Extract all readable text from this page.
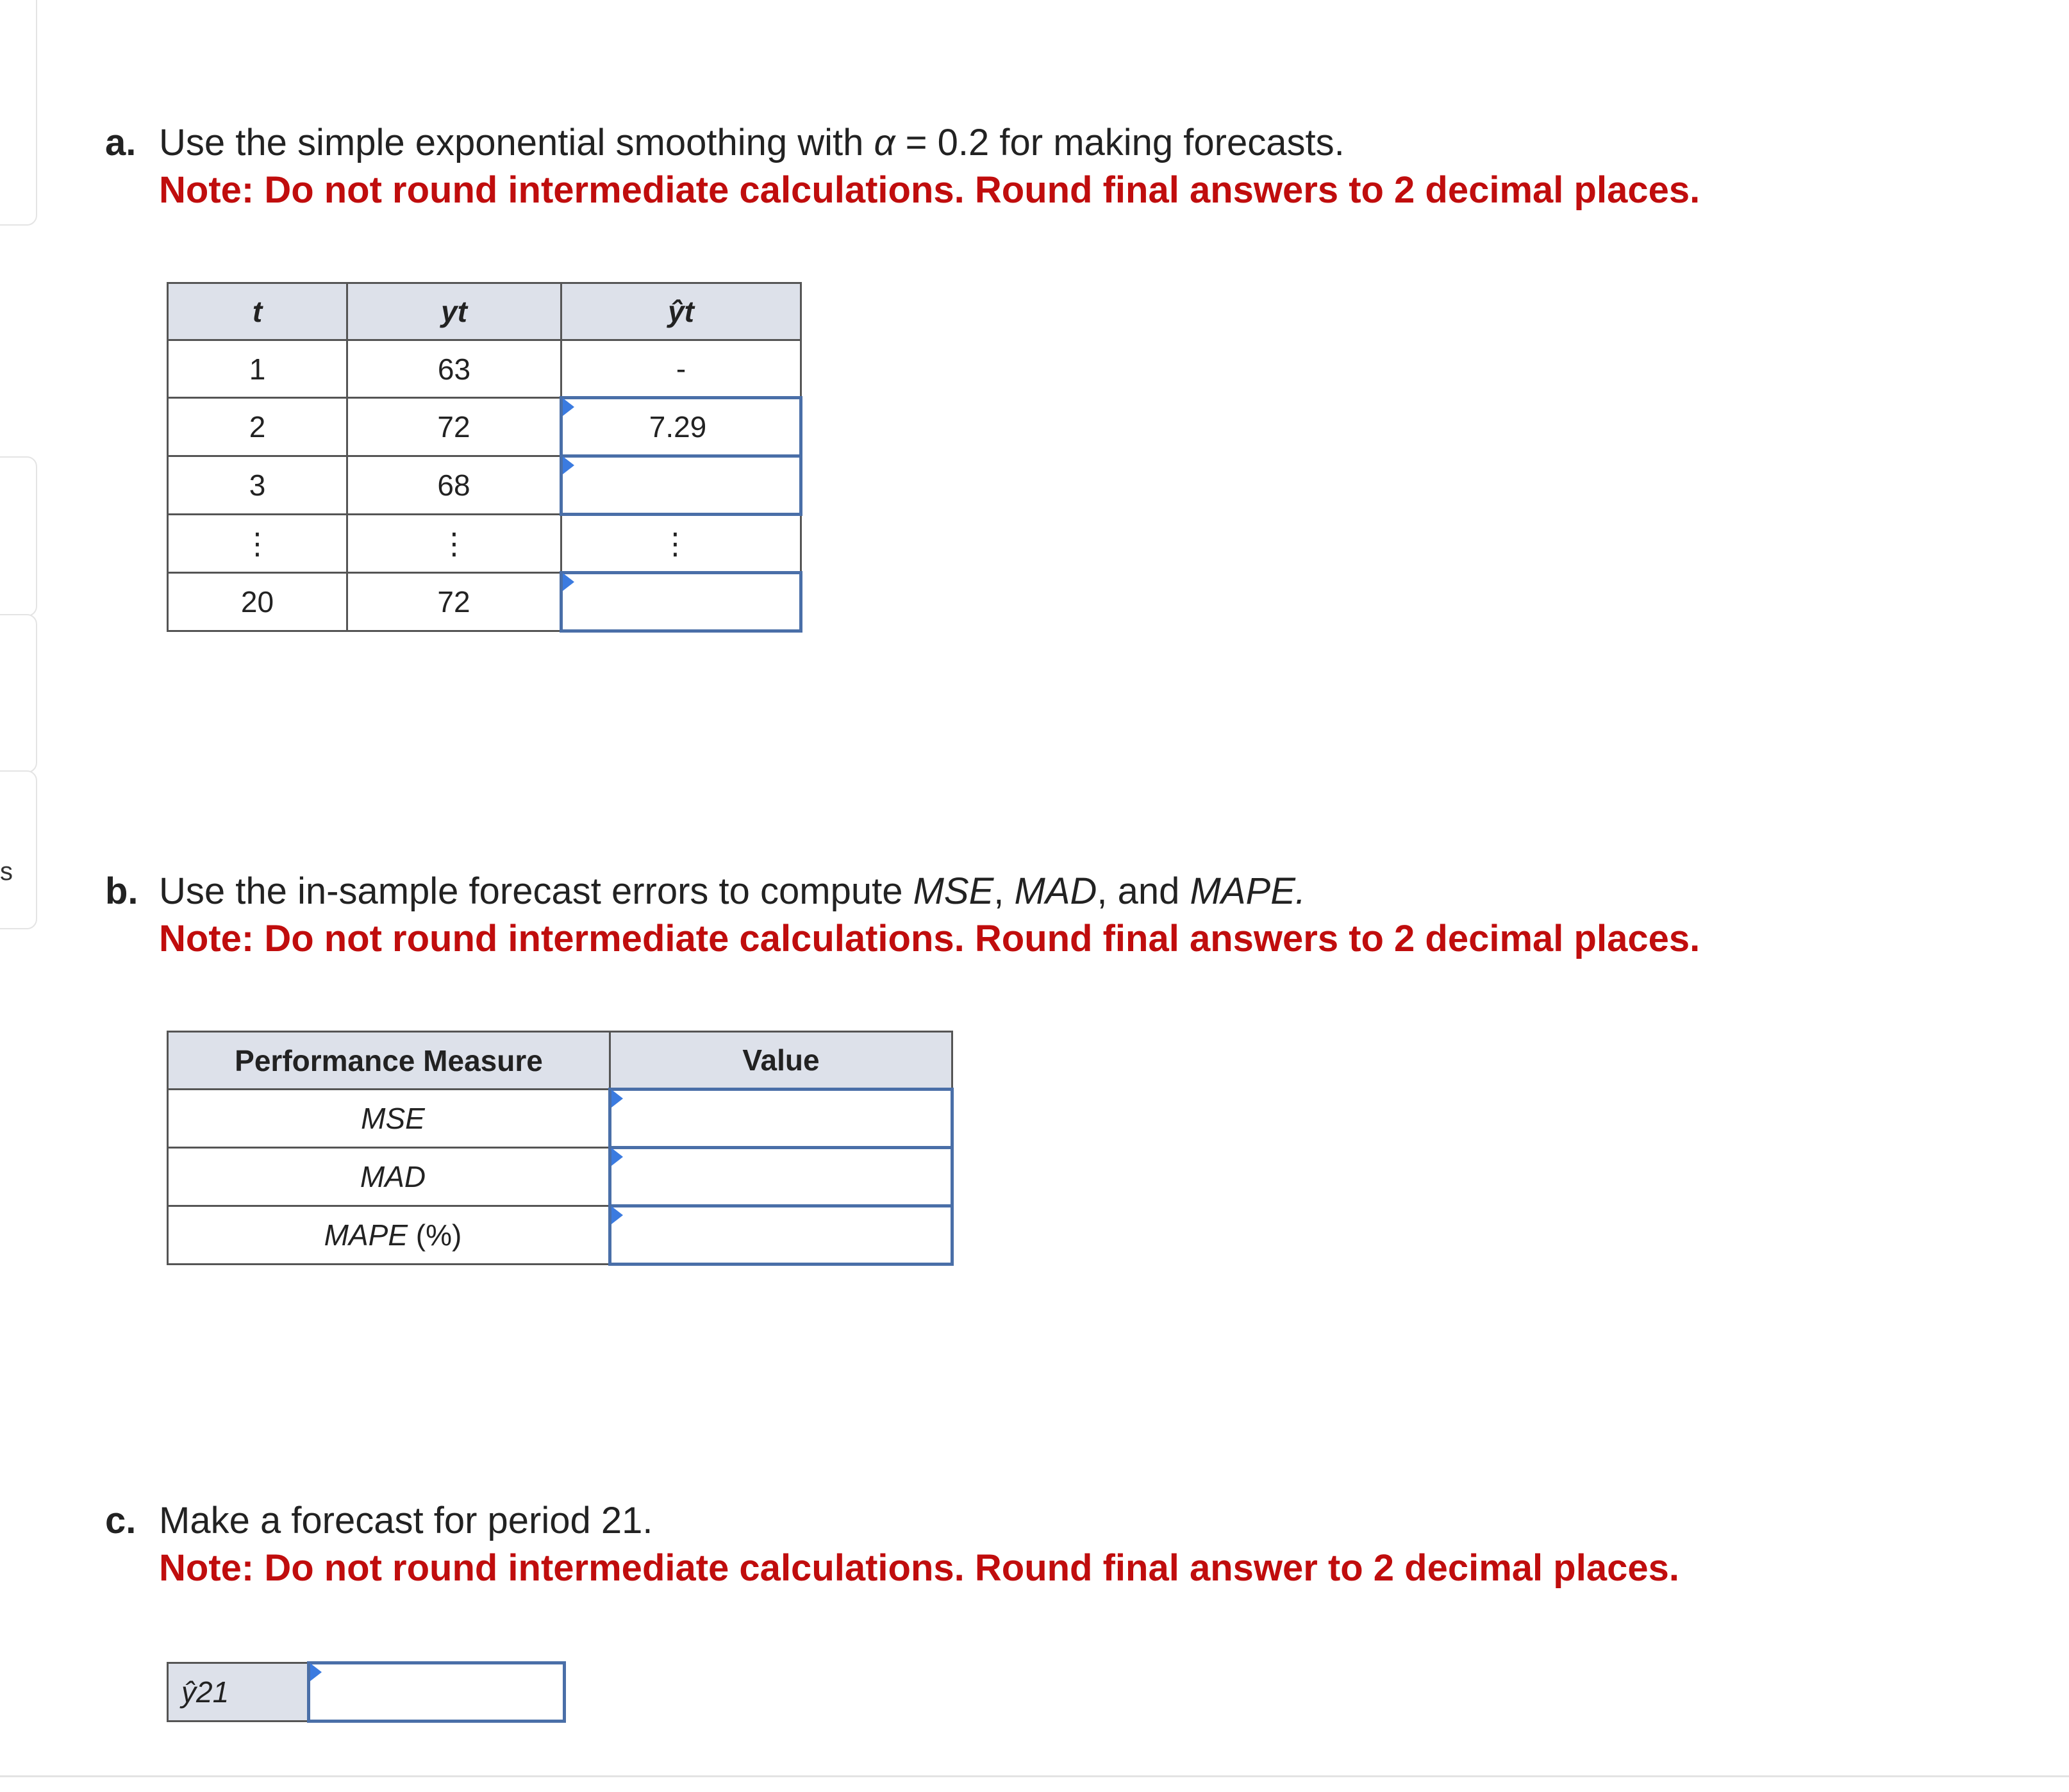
s
a. Use the simple exponential smoothing with α = 0.2 for making forecasts.
Note: Do not round intermediate calculations. Round final answers to 2 decimal places.
t	yt	ŷt
1	63	-
2	72	7.29
3	68	
⋮	⋮	⋮
20	72	
b. Use the in-sample forecast errors to compute MSE, MAD, and MAPE.
Note: Do not round intermediate calculations. Round final answers to 2 decimal places.
Performance Measure	Value
MSE	
MAD	
MAPE (%)	
c. Make a forecast for period 21.
Note: Do not round intermediate calculations. Round final answer to 2 decimal places.
ŷ21	
